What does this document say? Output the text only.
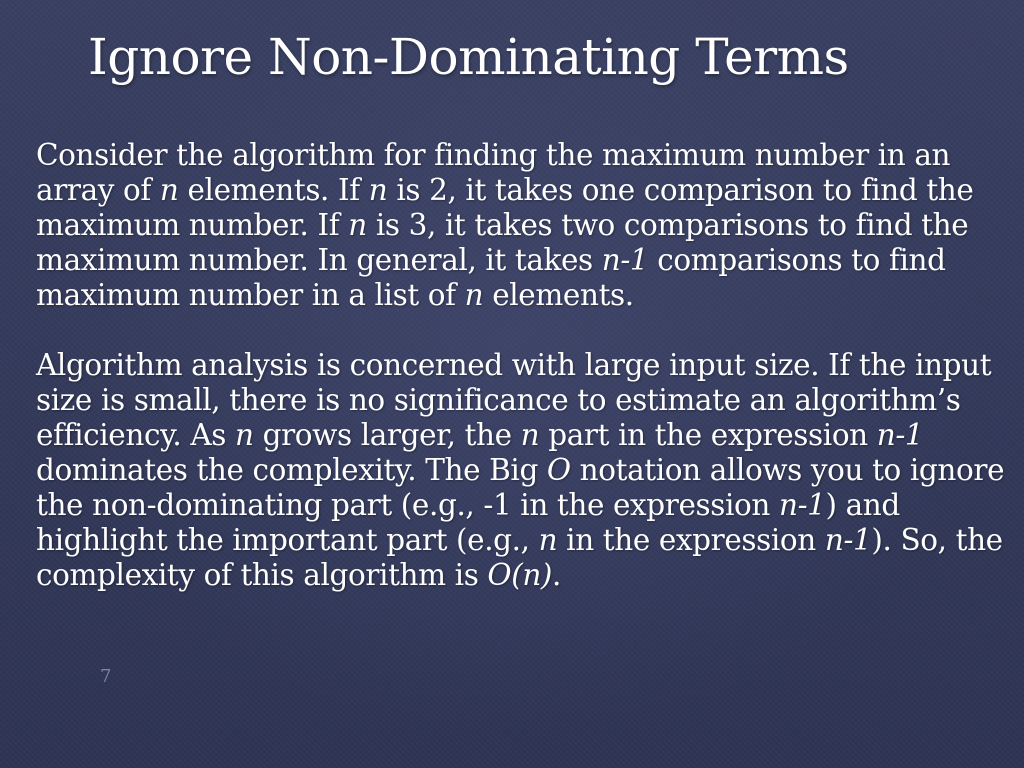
Ignore Non-Dominating Terms

Consider the algorithm for finding the maximum number in an array of n elements. If n is 2, it takes one comparison to find the maximum number. If n is 3, it takes two comparisons to find the maximum number. In general, it takes n-1 comparisons to find maximum number in a list of n elements.

Algorithm analysis is concerned with large input size. If the input size is small, there is no significance to estimate an algorithm’s efficiency. As n grows larger, the n part in the expression n-1 dominates the complexity. The Big O notation allows you to ignore the non-dominating part (e.g., -1 in the expression n-1) and highlight the important part (e.g., n in the expression n-1). So, the complexity of this algorithm is O(n).

7
